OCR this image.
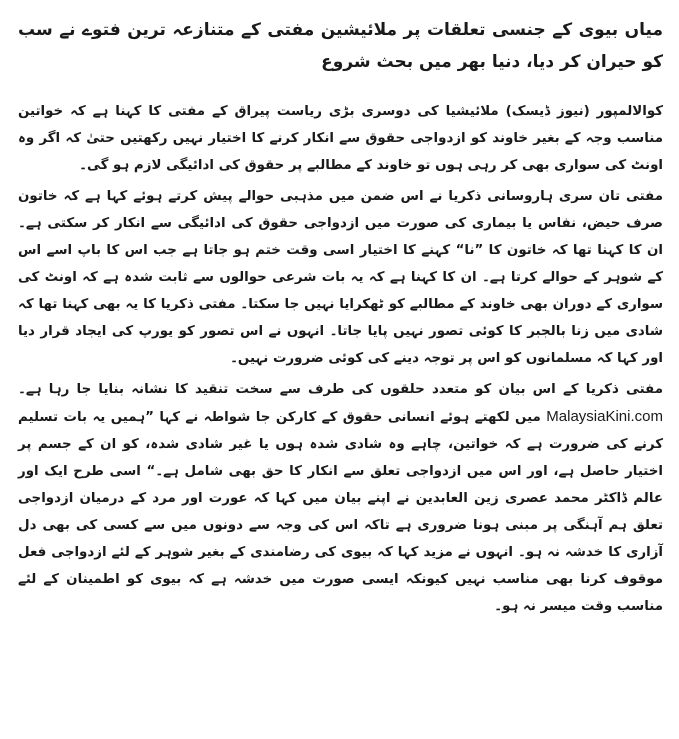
میاں بیوی کے جنسی تعلقات پر ملائیشین مفتی کے متنازعہ ترین فتوے نے سب کو حیران کر دیا، دنیا بھر میں بحث شروع

کوالالمپور (نیوز ڈیسک) ملائیشیا کی دوسری بڑی ریاست پیراق کے مفتی کا کہنا ہے کہ خواتین مناسب وجہ کے بغیر خاوند کو ازدواجی حقوق سے انکار کرنے کا اختیار نہیں رکھتیں حتیٰ کہ اگر وہ اونٹ کی سواری بھی کر رہی ہوں تو خاوند کے مطالبے پر حقوق کی ادائیگی لازم ہو گی۔

مفتی تان سری ہاروسانی ذکریا نے اس ضمن میں مذہبی حوالے پیش کرتے ہوئے کہا ہے کہ خاتون صرف حیض، نفاس یا بیماری کی صورت میں ازدواجی حقوق کی ادائیگی سے انکار کر سکتی ہے۔ ان کا کہنا تھا کہ خاتون کا ”نا“ کہنے کا اختیار اسی وقت ختم ہو جاتا ہے جب اس کا باپ اسے اس کے شوہر کے حوالے کرتا ہے۔ ان کا کہنا ہے کہ یہ بات شرعی حوالوں سے ثابت شدہ ہے کہ اونٹ کی سواری کے دوران بھی خاوند کے مطالبے کو ٹھکرایا نہیں جا سکتا۔ مفتی ذکریا کا یہ بھی کہنا تھا کہ شادی میں زنا بالجبر کا کوئی تصور نہیں پایا جاتا۔ انہوں نے اس تصور کو یورپ کی ایجاد قرار دیا اور کہا کہ مسلمانوں کو اس پر توجہ دینے کی کوئی ضرورت نہیں۔

مفتی ذکریا کے اس بیان کو متعدد حلقوں کی طرف سے سخت تنقید کا نشانہ بنایا جا رہا ہے۔ MalaysiaKini.com میں لکھتے ہوئے انسانی حقوق کے کارکن جا شواطہ نے کہا ”ہمیں یہ بات تسلیم کرنے کی ضرورت ہے کہ خواتین، چاہے وہ شادی شدہ ہوں یا غیر شادی شدہ، کو ان کے جسم پر اختیار حاصل ہے، اور اس میں ازدواجی تعلق سے انکار کا حق بھی شامل ہے۔“ اسی طرح ایک اور عالم ڈاکٹر محمد عصری زین العابدین نے اپنے بیان میں کہا کہ عورت اور مرد کے درمیان ازدواجی تعلق ہم آہنگی پر مبنی ہونا ضروری ہے تاکہ اس کی وجہ سے دونوں میں سے کسی کی بھی دل آزاری کا خدشہ نہ ہو۔ انہوں نے مزید کہا کہ بیوی کی رضامندی کے بغیر شوہر کے لئے ازدواجی فعل موقوف کرنا بھی مناسب نہیں کیونکہ ایسی صورت میں خدشہ ہے کہ بیوی کو اطمینان کے لئے مناسب وقت میسر نہ ہو۔
